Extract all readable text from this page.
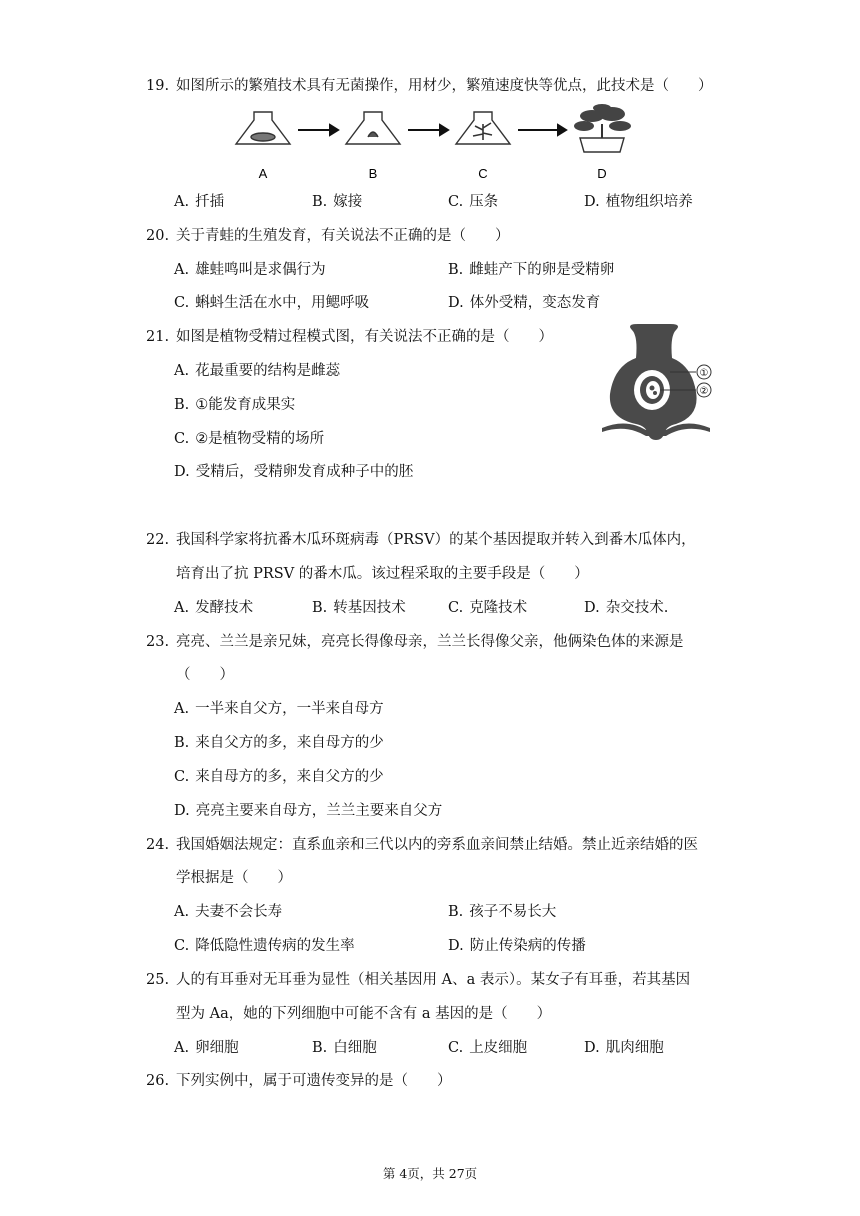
19. 如图所示的繁殖技术具有无菌操作，用材少，繁殖速度快等优点，此技术是（　　）
A	B	C	D
A. 扦插	B. 嫁接	C. 压条	D. 植物组织培养
20. 关于青蛙的生殖发育，有关说法不正确的是（　　）
A. 雄蛙鸣叫是求偶行为	B. 雌蛙产下的卵是受精卵
C. 蝌蚪生活在水中，用鳃呼吸	D. 体外受精，变态发育
21. 如图是植物受精过程模式图，有关说法不正确的是（　　）
①
②
A. 花最重要的结构是雌蕊
B. ①能发育成果实
C. ②是植物受精的场所
D. 受精后，受精卵发育成种子中的胚
22. 我国科学家将抗番木瓜环斑病毒（PRSV）的某个基因提取并转入到番木瓜体内，
培育出了抗 PRSV 的番木瓜。该过程采取的主要手段是（　　）
A. 发酵技术	B. 转基因技术	C. 克隆技术	D. 杂交技术.
23. 亮亮、兰兰是亲兄妹，亮亮长得像母亲，兰兰长得像父亲，他俩染色体的来源是
（　　）
A. 一半来自父方，一半来自母方
B. 来自父方的多，来自母方的少
C. 来自母方的多，来自父方的少
D. 亮亮主要来自母方，兰兰主要来自父方
24. 我国婚姻法规定：直系血亲和三代以内的旁系血亲间禁止结婚。禁止近亲结婚的医
学根据是（　　）
A. 夫妻不会长寿	B. 孩子不易长大
C. 降低隐性遗传病的发生率	D. 防止传染病的传播
25. 人的有耳垂对无耳垂为显性（相关基因用 A、a 表示）。某女子有耳垂，若其基因
型为 Aa，她的下列细胞中可能不含有 a 基因的是（　　）
A. 卵细胞	B. 白细胞	C. 上皮细胞	D. 肌肉细胞
26. 下列实例中，属于可遗传变异的是（　　）
第 4页，共 27页
